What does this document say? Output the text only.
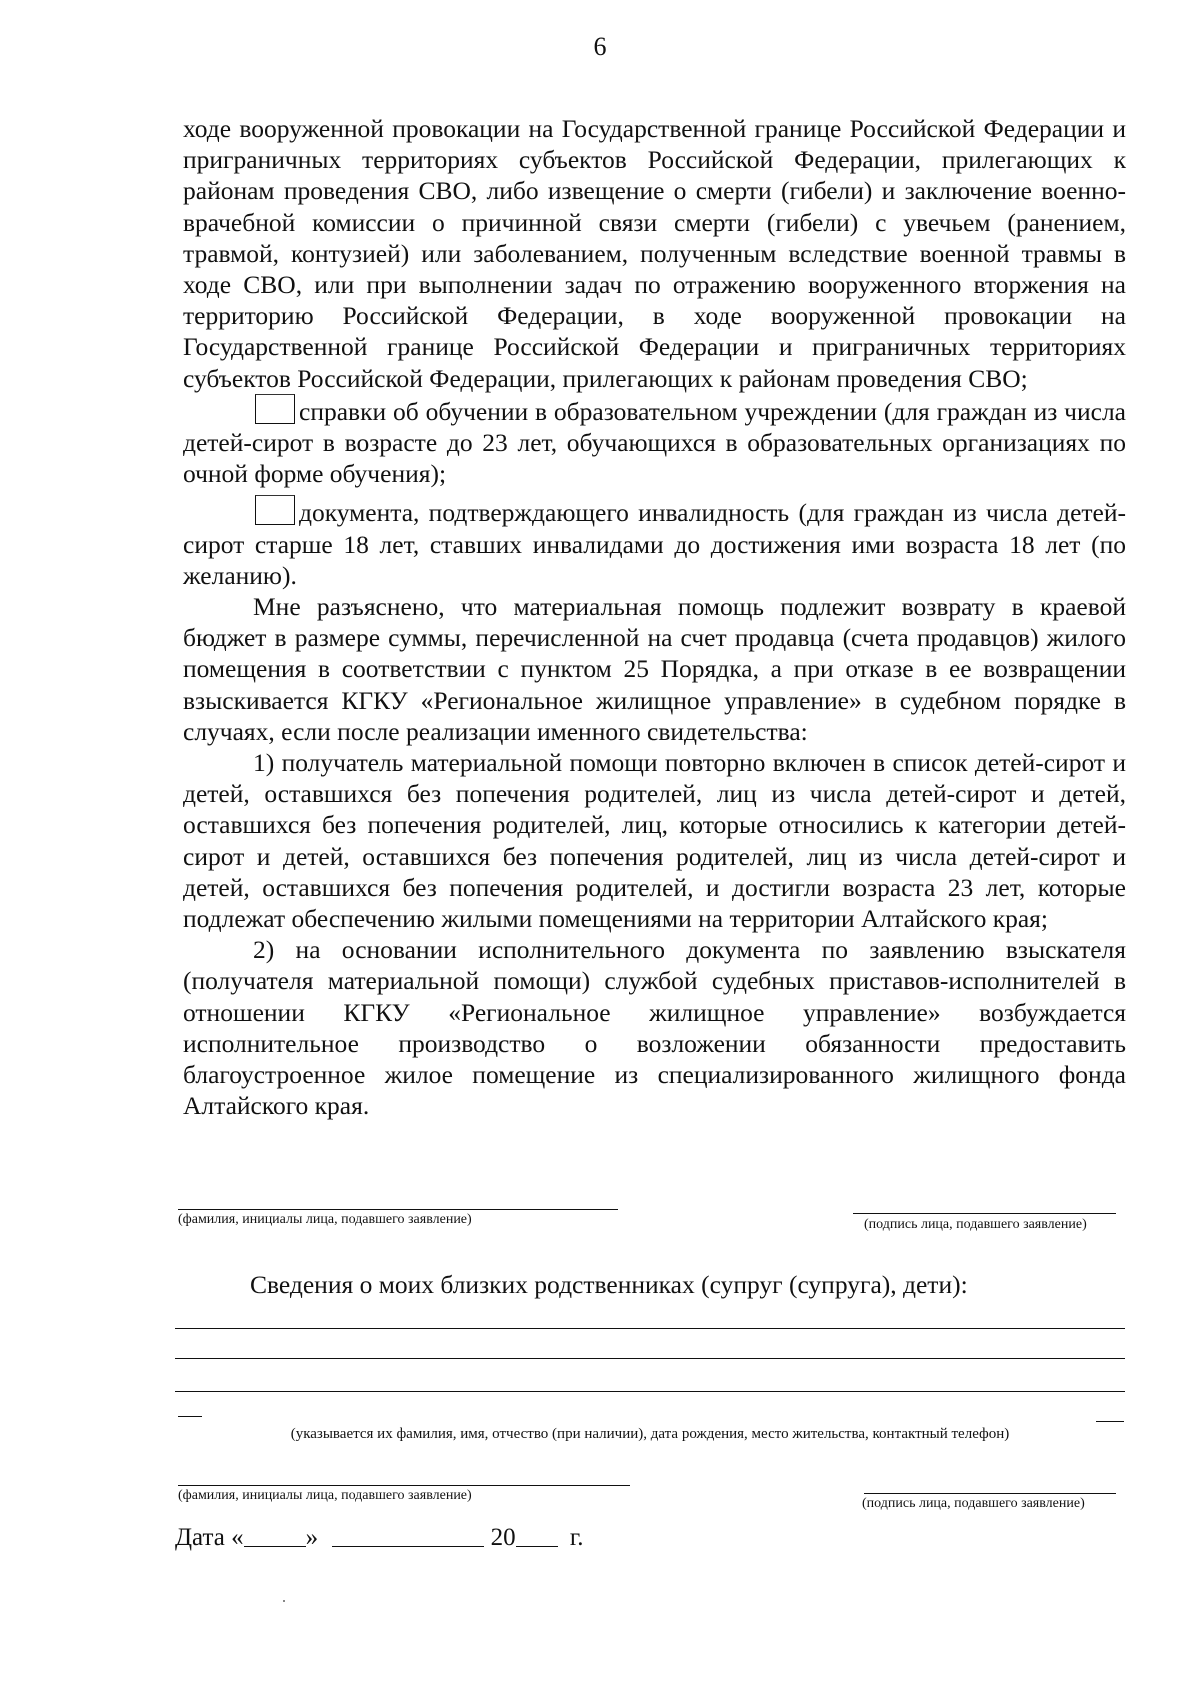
6

ходе вооруженной провокации на Государственной границе Российской Федерации и приграничных территориях субъектов Российской Федерации, прилегающих к районам проведения СВО, либо извещение о смерти (гибели) и заключение военно-врачебной комиссии о причинной связи смерти (гибели) с увечьем (ранением, травмой, контузией) или заболеванием, полученным вследствие военной травмы в ходе СВО, или при выполнении задач по отражению вооруженного вторжения на территорию Российской Федерации, в ходе вооруженной провокации на Государственной границе Российской Федерации и приграничных территориях субъектов Российской Федерации, прилегающих к районам проведения СВО;

справки об обучении в образовательном учреждении (для граждан из числа детей-сирот в возрасте до 23 лет, обучающихся в образовательных организациях по очной форме обучения);

документа, подтверждающего инвалидность (для граждан из числа детей-сирот старше 18 лет, ставших инвалидами до достижения ими возраста 18 лет (по желанию).

Мне разъяснено, что материальная помощь подлежит возврату в краевой бюджет в размере суммы, перечисленной на счет продавца (счета продавцов) жилого помещения в соответствии с пунктом 25 Порядка, а при отказе в ее возвращении взыскивается КГКУ «Региональное жилищное управление» в судебном порядке в случаях, если после реализации именного свидетельства:

1) получатель материальной помощи повторно включен в список детей-сирот и детей, оставшихся без попечения родителей, лиц из числа детей-сирот и детей, оставшихся без попечения родителей, лиц, которые относились к категории детей-сирот и детей, оставшихся без попечения родителей, лиц из числа детей-сирот и детей, оставшихся без попечения родителей, и достигли возраста 23 лет, которые подлежат обеспечению жилыми помещениями на территории Алтайского края;

2) на основании исполнительного документа по заявлению взыскателя (получателя материальной помощи) службой судебных приставов-исполнителей в отношении КГКУ «Региональное жилищное управление» возбуждается исполнительное производство о возложении обязанности предоставить благоустроенное жилое помещение из специализированного жилищного фонда Алтайского края.

(фамилия, инициалы лица, подавшего заявление)	(подпись лица, подавшего заявление)
Сведения о моих близких родственниках (супруг (супруга), дети):
(указывается их фамилия, имя, отчество (при наличии), дата рождения, место жительства, контактный телефон)
(фамилия, инициалы лица, подавшего заявление)
(подпись лица, подавшего заявление)
Дата « »	20 г.
